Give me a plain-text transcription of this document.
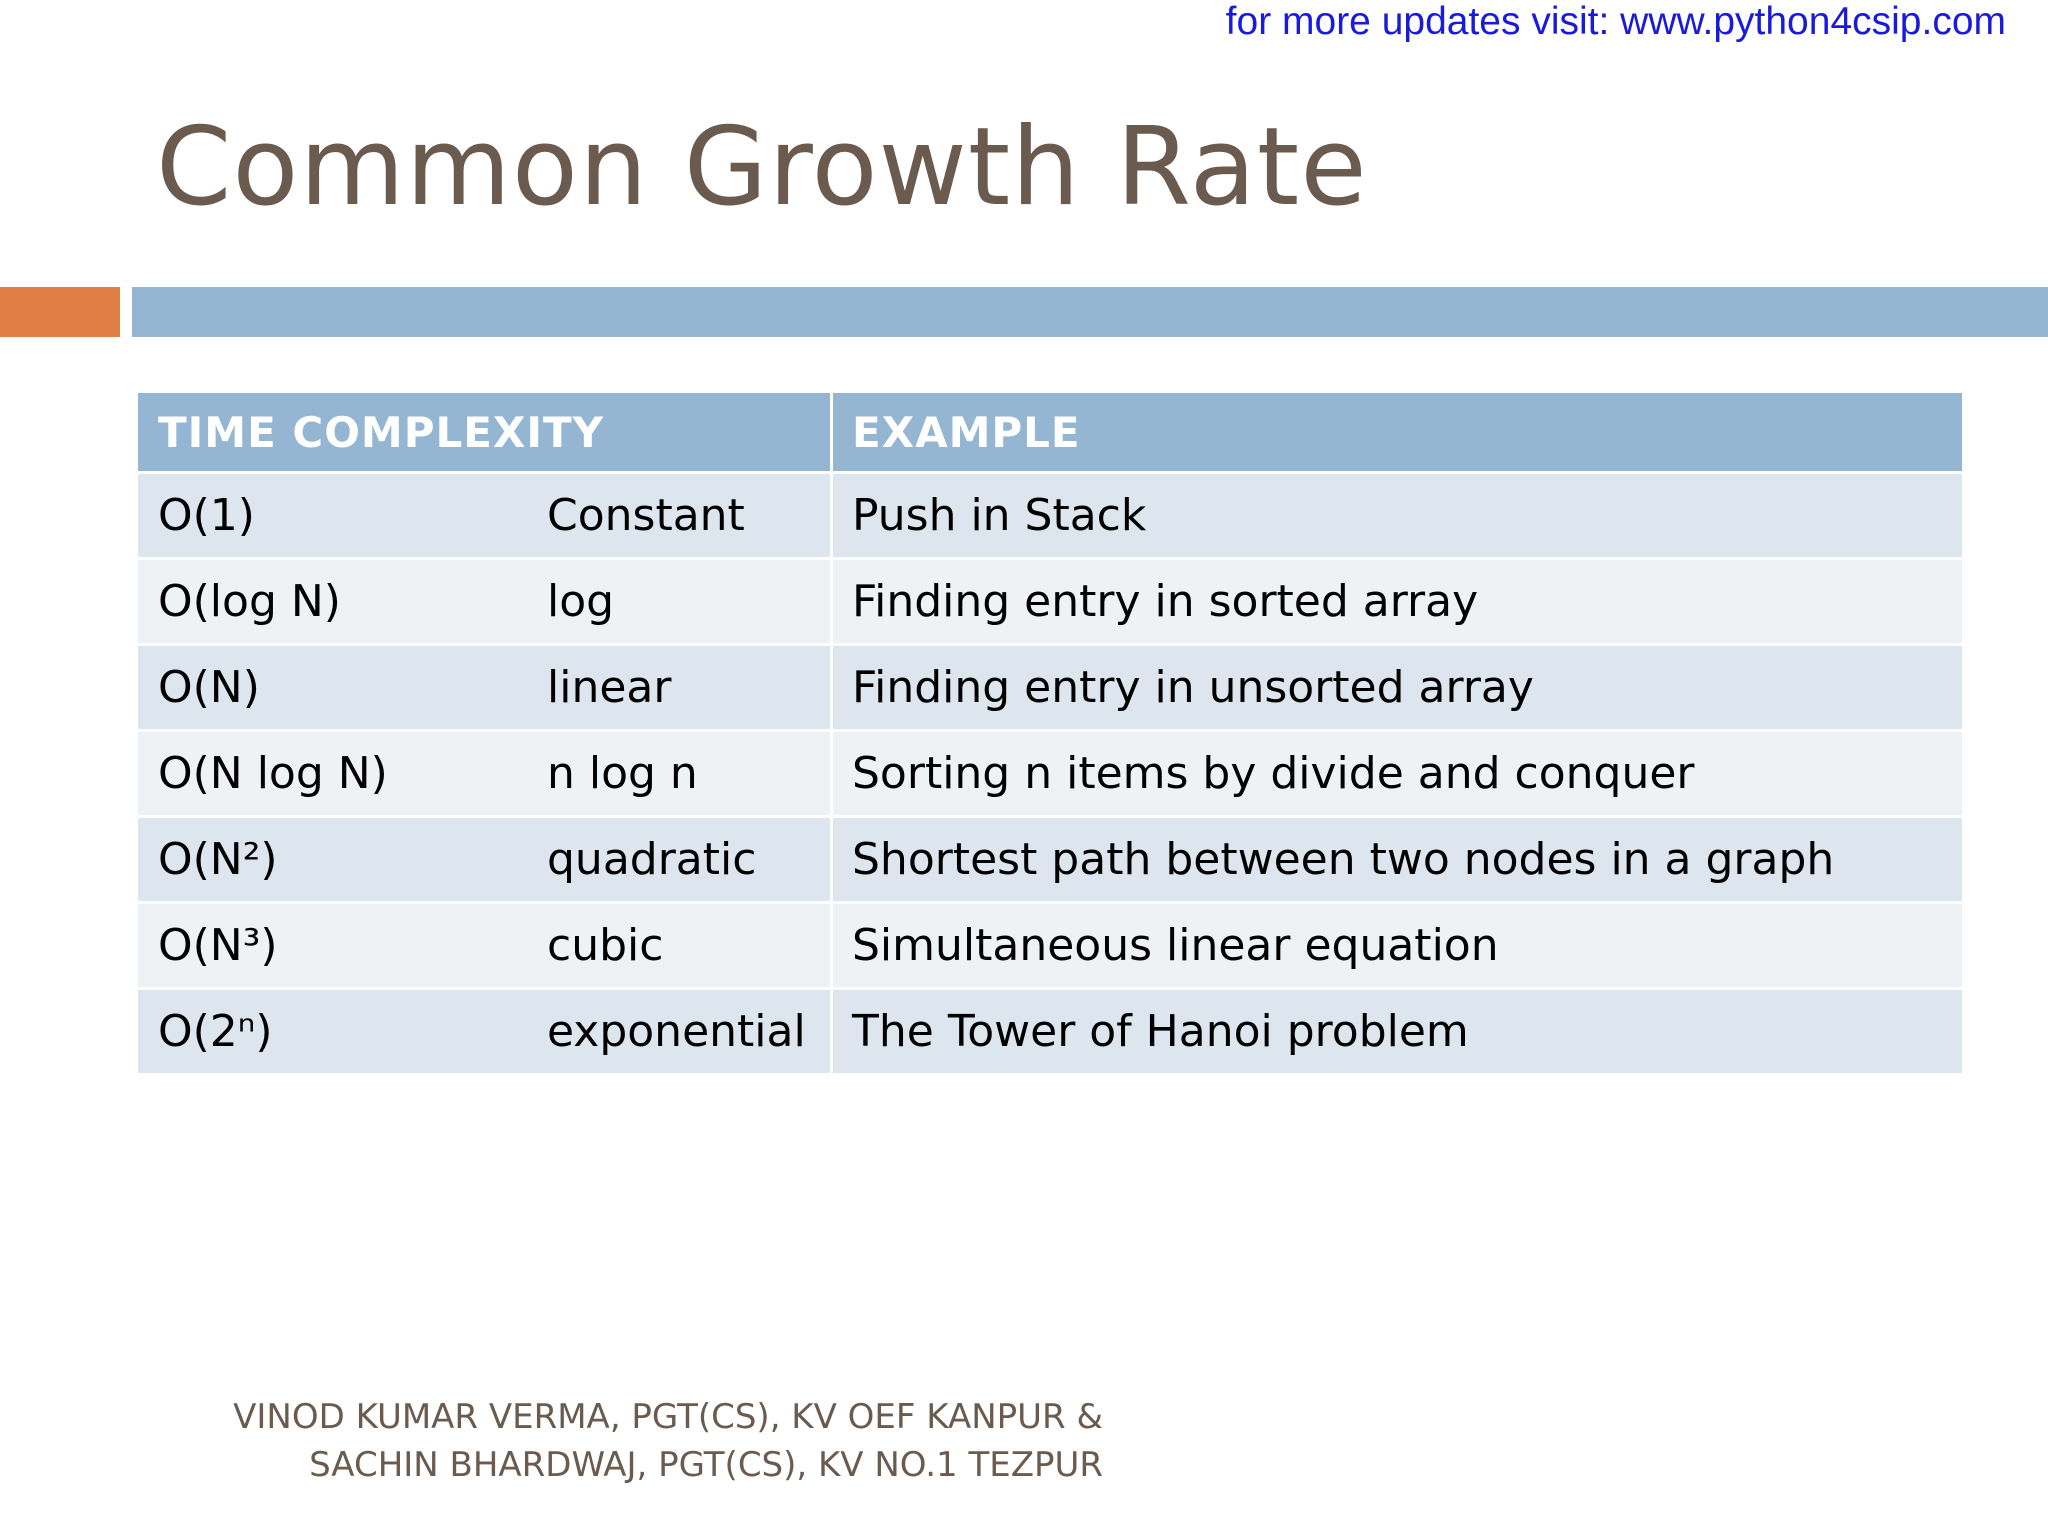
for more updates visit: www.python4csip.com
Common Growth Rate
TIME COMPLEXITY	EXAMPLE
O(1)	Constant	Push in Stack
O(log N)	log	Finding entry in sorted array
O(N)	linear	Finding entry in unsorted array
O(N log N)	n log n	Sorting n items by divide and conquer
O(N²)	quadratic	Shortest path between two nodes in a graph
O(N³)	cubic	Simultaneous linear equation
O(2ⁿ)	exponential	The Tower of Hanoi problem
VINOD KUMAR VERMA, PGT(CS), KV OEF KANPUR &
SACHIN BHARDWAJ, PGT(CS), KV NO.1 TEZPUR
